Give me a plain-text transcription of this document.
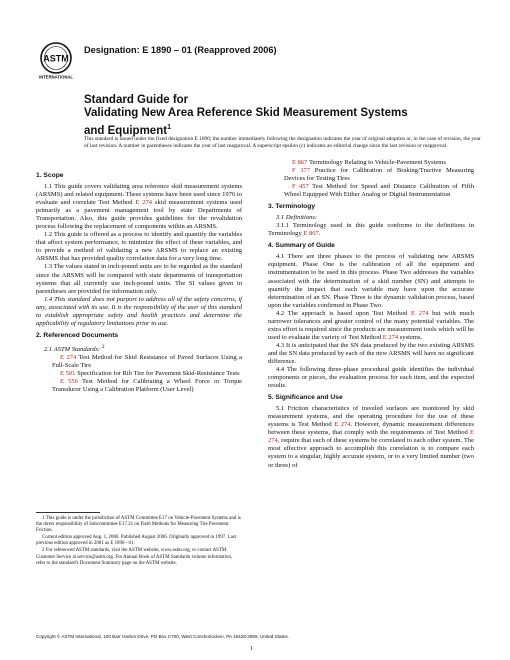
ASTM
INTERNATIONAL
Designation: E 1890 – 01 (Reapproved 2006)
Standard Guide for
Validating New Area Reference Skid Measurement Systems
and Equipment$^1$
This standard is issued under the fixed designation E 1890; the number immediately following the designation indicates the year of original adoption or, in the case of revision, the year of last revision. A number in parentheses indicates the year of last reapproval. A superscript epsilon (ε) indicates an editorial change since the last revision or reapproval.
1. Scope

1.1 This guide covers validating area reference skid measurement systems (ARSMS) and related equipment. These systems have been used since 1976 to evaluate and correlate Test Method E 274 skid measurement systems used primarily as a pavement management tool by state Departments of Transportation. Also, this guide provides guidelines for the revalidation process following the replacement of components within an ARSMS.

1.2 This guide is offered as a process to identify and quantify the variables that affect system performance, to minimize the effect of these variables, and to provide a method of validating a new ARSMS to replace an existing ARSMS that has provided quality correlation data for a very long time.

1.3 The values stated in inch-pound units are to be regarded as the standard since the ARSMS will be compared with state departments of transportation systems that all currently use inch-pound units. The SI values given in parentheses are provided for information only.

1.4 This standard does not purport to address all of the safety concerns, if any, associated with its use. It is the responsibility of the user of this standard to establish appropriate safety and health practices and determine the applicability of regulatory limitations prior to use.

2. Referenced Documents

2.1 ASTM Standards: $^2$

E 274 Test Method for Skid Resistance of Paved Surfaces Using a Full-Scale Tire

E 501 Specification for Rib Tire for Pavement Skid-Resistance Tests

E 556 Test Method for Calibrating a Wheel Force or Torque Transducer Using a Calibration Platform (User Level)

E 867 Terminology Relating to Vehicle-Pavement Systems

F 377 Practice for Calibration of Braking/Tractive Measuring Devices for Testing Tires

F 457 Test Method for Speed and Distance Calibration of Fifth Wheel Equipped With Either Analog or Digital Instrumentation

3. Terminology

3.1 Definitions:

3.1.1 Terminology used in this guide conforms to the definitions in Terminology E 867.

4. Summary of Guide

4.1 There are three phases to the process of validating new ARSMS equipment. Phase One is the calibration of all the equipment and instrumentation to be used in this process. Phase Two addresses the variables associated with the determination of a skid number (SN) and attempts to quantify the impact that each variable may have upon the accurate determination of an SN. Phase Three is the dynamic validation process, based upon the variables confirmed in Phase Two.

4.2 The approach is based upon Test Method E 274 but with much narrower tolerances and greater control of the many potential variables. The extra effort is required since the products are measurement tools which will be used to evaluate the variety of Test Method E 274 systems.

4.3 It is anticipated that the SN data produced by the two existing ARSMS and the SN data produced by each of the new ARSMS will have no significant difference.

4.4 The following three-phase procedural guide identifies the individual components or pieces, the evaluation process for each item, and the expected results.

5. Significance and Use

5.1 Friction characteristics of traveled surfaces are monitored by skid measurement systems, and the operating procedure for the use of these systems is Test Method E 274. However, dynamic measurement differences between these systems, that comply with the requirements of Test Method E 274, require that each of these systems be correlated to each other system. The most effective approach to accomplish this correlation is to compare each system to a singular, highly accurate system, or to a very limited number (two or three) of

1 This guide is under the jurisdiction of ASTM Committee E17 on Vehicle-Pavement Systems and is the direct responsibility of Subcommittee E17.21 on Field Methods for Measuring Tire Pavement Friction.

Current edition approved Aug. 1, 2006. Published August 2006. Originally approved in 1997. Last previous edition approved in 2001 as E 1890 - 01.

2 For referenced ASTM standards, visit the ASTM website, www.astm.org, or contact ASTM Customer Service at service@astm.org. For Annual Book of ASTM Standards volume information, refer to the standard's Document Summary page on the ASTM website.

Copyright © ASTM International, 100 Barr Harbor Drive, PO Box C700, West Conshohocken, PA 19428-2959, United States.
1
